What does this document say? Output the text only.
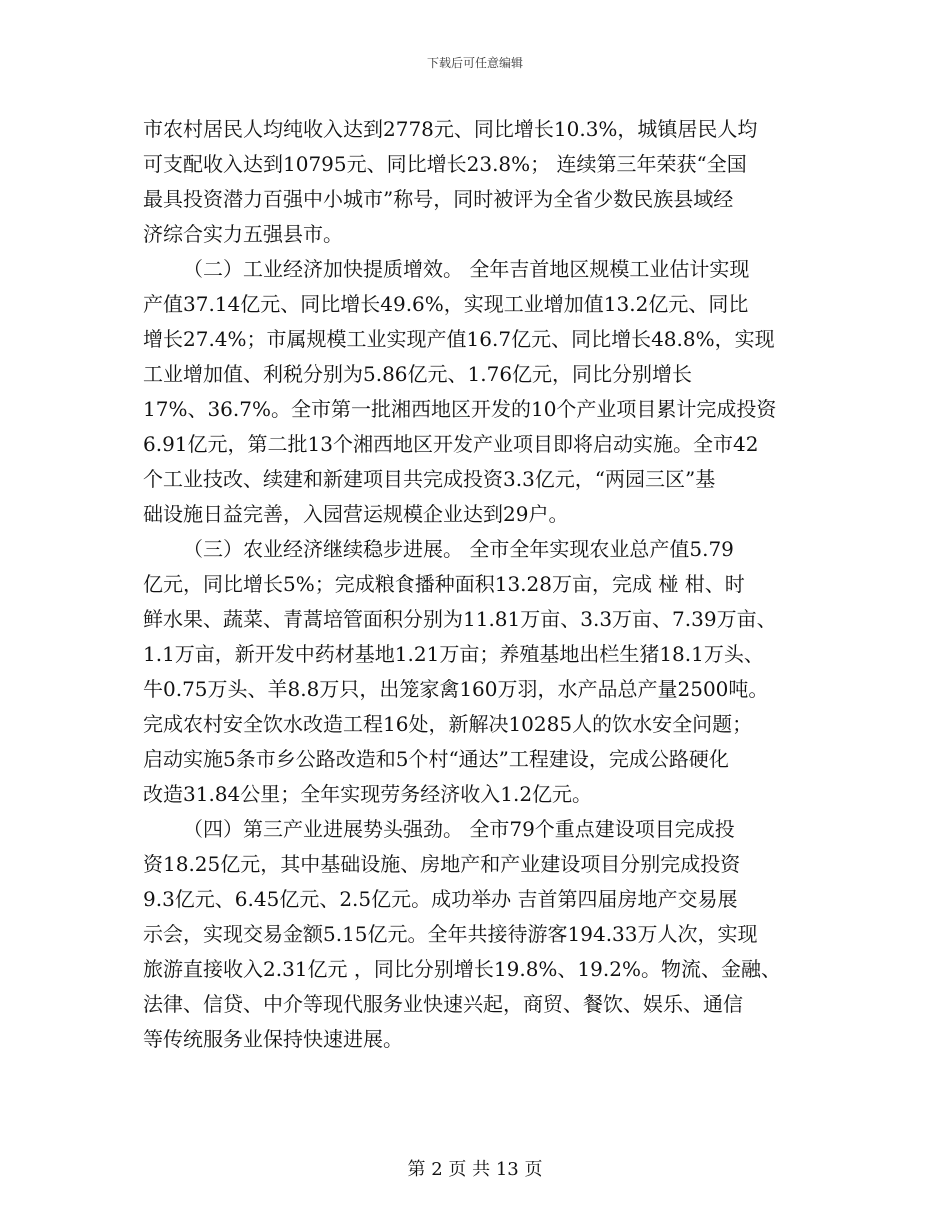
下载后可任意编辑
市农村居民人均纯收入达到2778元、同比增长10.3%，城镇居民人均
可支配收入达到10795元、同比增长23.8%； 连续第三年荣获“全国
最具投资潜力百强中小城市”称号，同时被评为全省少数民族县域经
济综合实力五强县市。
（二）工业经济加快提质增效。 全年吉首地区规模工业估计实现
产值37.14亿元、同比增长49.6%，实现工业增加值13.2亿元、同比
增长27.4%；市属规模工业实现产值16.7亿元、同比增长48.8%，实现
工业增加值、利税分别为5.86亿元、1.76亿元，同比分别增长
17%、36.7%。全市第一批湘西地区开发的10个产业项目累计完成投资
6.91亿元，第二批13个湘西地区开发产业项目即将启动实施。全市42
个工业技改、续建和新建项目共完成投资3.3亿元，“两园三区”基
础设施日益完善，入园营运规模企业达到29户。
（三）农业经济继续稳步进展。 全市全年实现农业总产值5.79
亿元，同比增长5%；完成粮食播种面积13.28万亩，完成 椪 柑、时
鲜水果、蔬菜、青蒿培管面积分别为11.81万亩、3.3万亩、7.39万亩、
1.1万亩，新开发中药材基地1.21万亩；养殖基地出栏生猪18.1万头、
牛0.75万头、羊8.8万只，出笼家禽160万羽，水产品总产量2500吨。
完成农村安全饮水改造工程16处，新解决10285人的饮水安全问题；
启动实施5条市乡公路改造和5个村“通达”工程建设，完成公路硬化
改造31.84公里；全年实现劳务经济收入1.2亿元。
（四）第三产业进展势头强劲。 全市79个重点建设项目完成投
资18.25亿元，其中基础设施、房地产和产业建设项目分别完成投资
9.3亿元、6.45亿元、2.5亿元。成功举办 吉首第四届房地产交易展
示会，实现交易金额5.15亿元。全年共接待游客194.33万人次，实现
旅游直接收入2.31亿元 ，同比分别增长19.8%、19.2%。物流、金融、
法律、信贷、中介等现代服务业快速兴起，商贸、餐饮、娱乐、通信
等传统服务业保持快速进展。
第 2 页 共 13 页
